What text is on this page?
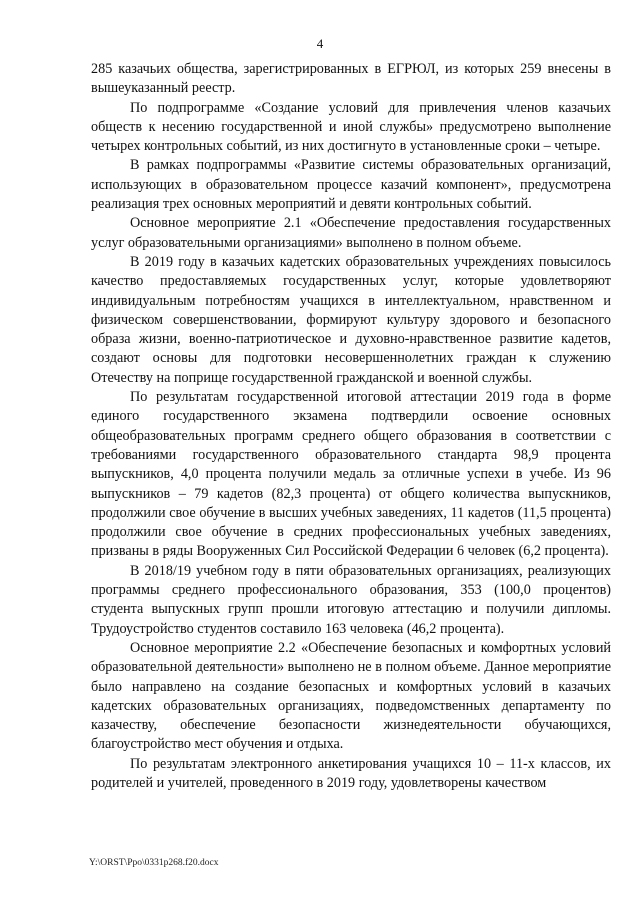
4

285 казачьих общества, зарегистрированных в ЕГРЮЛ, из которых 259 внесены в вышеуказанный реестр.

По подпрограмме «Создание условий для привлечения членов казачьих обществ к несению государственной и иной службы» предусмотрено выполнение четырех контрольных событий, из них достигнуто в установленные сроки – четыре.

В рамках подпрограммы «Развитие системы образовательных организаций, использующих в образовательном процессе казачий компонент», предусмотрена реализация трех основных мероприятий и девяти контрольных событий.

Основное мероприятие 2.1 «Обеспечение предоставления государственных услуг образовательными организациями» выполнено в полном объеме.

В 2019 году в казачьих кадетских образовательных учреждениях повысилось качество предоставляемых государственных услуг, которые удовлетворяют индивидуальным потребностям учащихся в интеллектуальном, нравственном и физическом совершенствовании, формируют культуру здорового и безопасного образа жизни, военно-патриотическое и духовно-нравственное развитие кадетов, создают основы для подготовки несовершеннолетних граждан к служению Отечеству на поприще государственной гражданской и военной службы.

По результатам государственной итоговой аттестации 2019 года в форме единого государственного экзамена подтвердили освоение основных общеобразовательных программ среднего общего образования в соответствии с требованиями государственного образовательного стандарта 98,9 процента выпускников, 4,0 процента получили медаль за отличные успехи в учебе. Из 96 выпускников – 79 кадетов (82,3 процента) от общего количества выпускников, продолжили свое обучение в высших учебных заведениях, 11 кадетов (11,5 процента) продолжили свое обучение в средних профессиональных учебных заведениях, призваны в ряды Вооруженных Сил Российской Федерации 6 человек (6,2 процента).

В 2018/19 учебном году в пяти образовательных организациях, реализующих программы среднего профессионального образования, 353 (100,0 процентов) студента выпускных групп прошли итоговую аттестацию и получили дипломы. Трудоустройство студентов составило 163 человека (46,2 процента).

Основное мероприятие 2.2 «Обеспечение безопасных и комфортных условий образовательной деятельности» выполнено не в полном объеме. Данное мероприятие было направлено на создание безопасных и комфортных условий в казачьих кадетских образовательных организациях, подведомственных департаменту по казачеству, обеспечение безопасности жизнедеятельности обучающихся, благоустройство мест обучения и отдыха.

По результатам электронного анкетирования учащихся 10 – 11-х классов, их родителей и учителей, проведенного в 2019 году, удовлетворены качеством

Y:\ORST\Ppo\0331p268.f20.docx
